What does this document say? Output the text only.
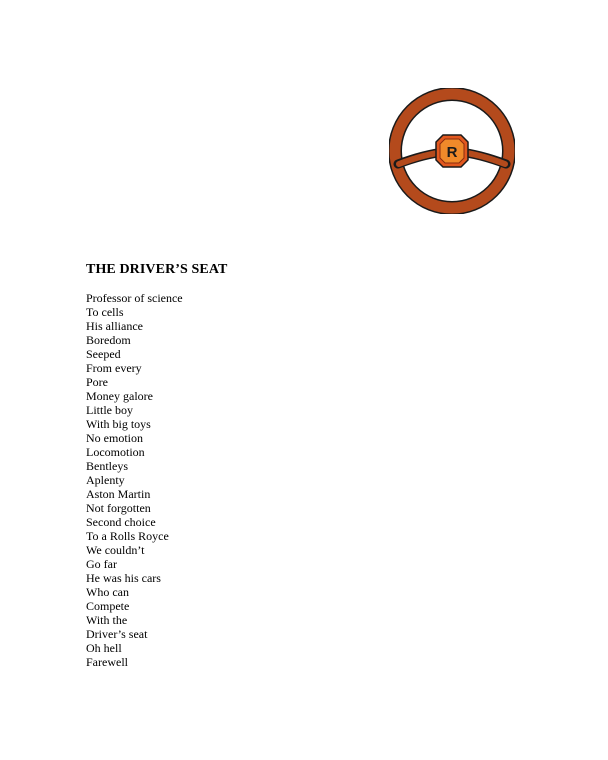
R
THE DRIVER’S SEAT
Professor of science
To cells
His alliance
Boredom
Seeped
From every
Pore
Money galore
Little boy
With big toys
No emotion
Locomotion
Bentleys
Aplenty
Aston Martin
Not forgotten
Second choice
To a Rolls Royce
We couldn’t
Go far
He was his cars
Who can
Compete
With the
Driver’s seat
Oh hell
Farewell
